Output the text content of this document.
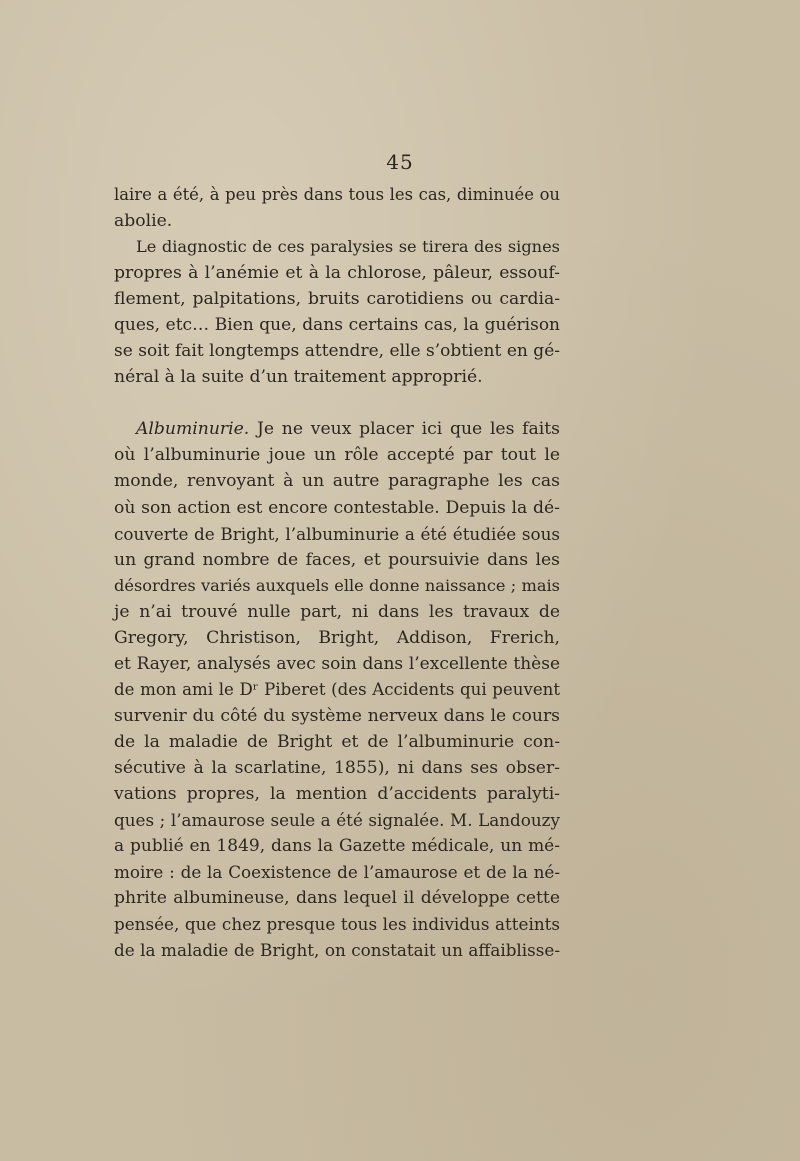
45
laire a été, à peu près dans tous les cas, diminuée ou
abolie.
Le diagnostic de ces paralysies se tirera des signes
propres à l’anémie et à la chlorose, pâleur, essouf-
flement, palpitations, bruits carotidiens ou cardia-
ques, etc… Bien que, dans certains cas, la guérison
se soit fait longtemps attendre, elle s’obtient en gé-
néral à la suite d’un traitement approprié.
Albuminurie. Je ne veux placer ici que les faits
où l’albuminurie joue un rôle accepté par tout le
monde, renvoyant à un autre paragraphe les cas
où son action est encore contestable. Depuis la dé-
couverte de Bright, l’albuminurie a été étudiée sous
un grand nombre de faces, et poursuivie dans les
désordres variés auxquels elle donne naissance ; mais
je n’ai trouvé nulle part, ni dans les travaux de
Gregory, Christison, Bright, Addison, Frerich,
et Rayer, analysés avec soin dans l’excellente thèse
de mon ami le Dʳ Piberet (des Accidents qui peuvent
survenir du côté du système nerveux dans le cours
de la maladie de Bright et de l’albuminurie con-
sécutive à la scarlatine, 1855), ni dans ses obser-
vations propres, la mention d’accidents paralyti-
ques ; l’amaurose seule a été signalée. M. Landouzy
a publié en 1849, dans la Gazette médicale, un mé-
moire : de la Coexistence de l’amaurose et de la né-
phrite albumineuse, dans lequel il développe cette
pensée, que chez presque tous les individus atteints
de la maladie de Bright, on constatait un affaiblisse-
